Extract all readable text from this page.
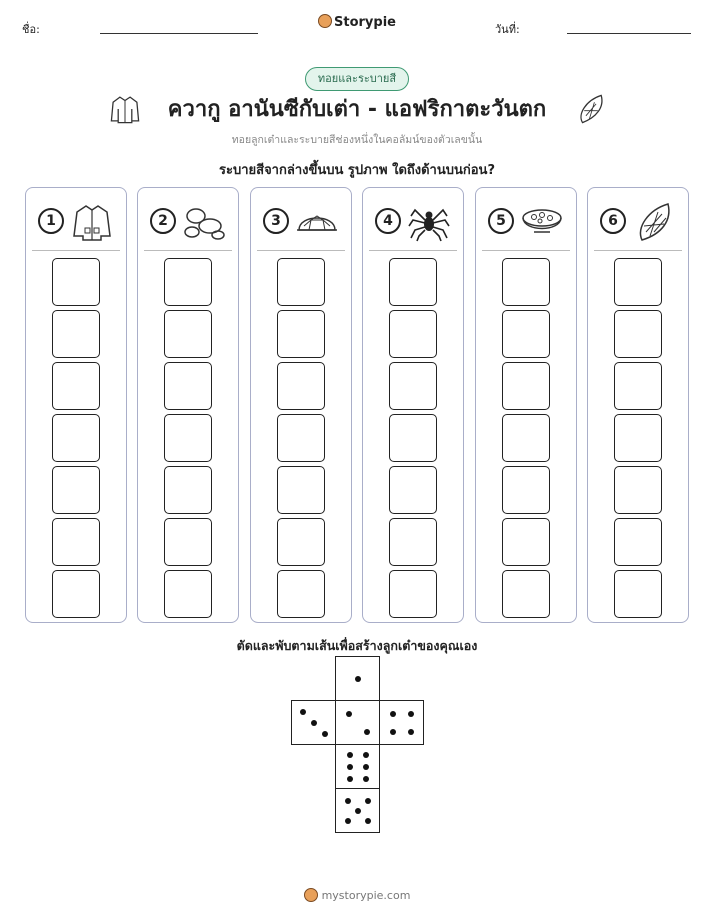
ชื่อ:	Storypie	วันที่:
ทอยและระบายสี
ควากู อานันซีกับเต่า - แอฟริกาตะวันตก
ทอยลูกเต๋าและระบายสีช่องหนึ่งในคอลัมน์ของตัวเลขนั้น
ระบายสีจากล่างขึ้นบน รูปภาพ ใดถึงด้านบนก่อน?
1	2	3	4	5	6
ตัดและพับตามเส้นเพื่อสร้างลูกเต๋าของคุณเอง
mystorypie.com
